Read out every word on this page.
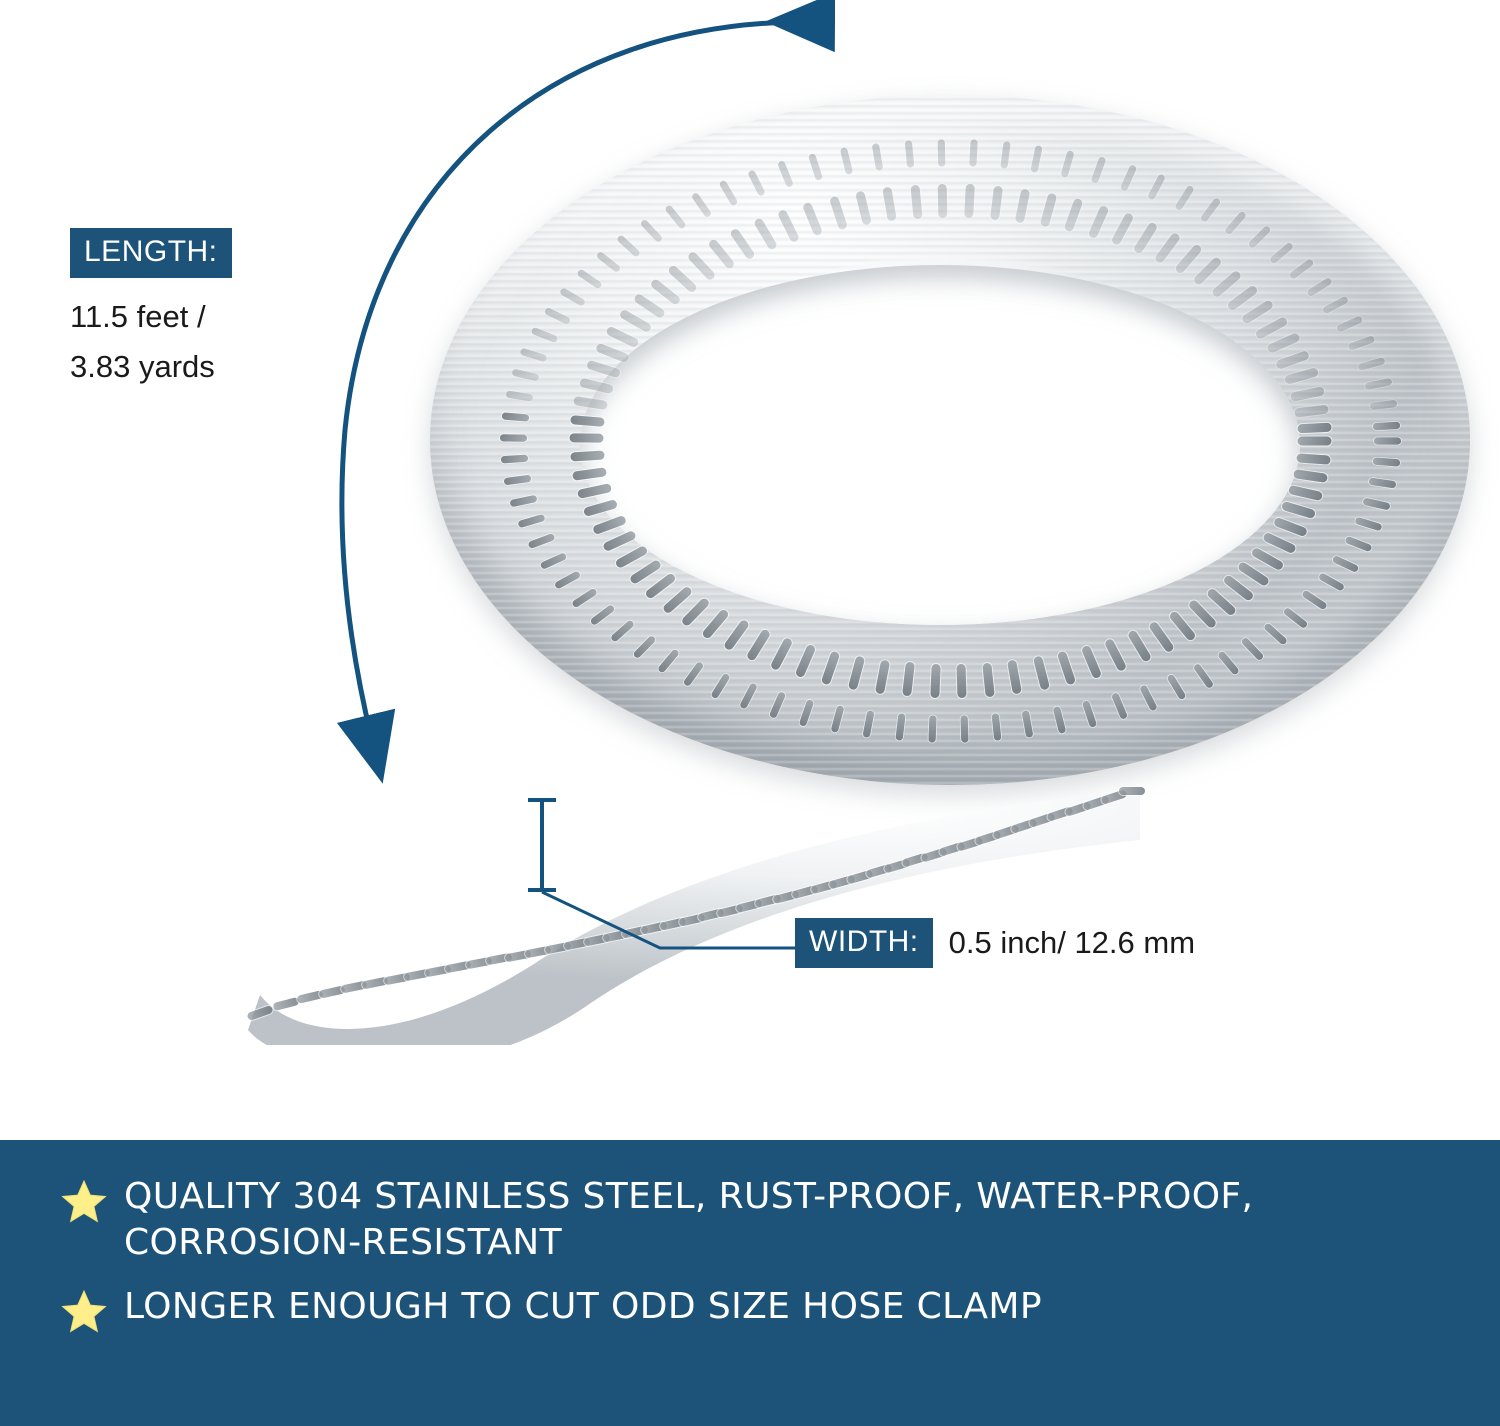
LENGTH:
11.5 feet /
3.83 yards
WIDTH: 0.5 inch/ 12.6 mm
QUALITY 304 STAINLESS STEEL, RUST-PROOF, WATER-PROOF, CORROSION-RESISTANT
LONGER ENOUGH TO CUT ODD SIZE HOSE CLAMP
